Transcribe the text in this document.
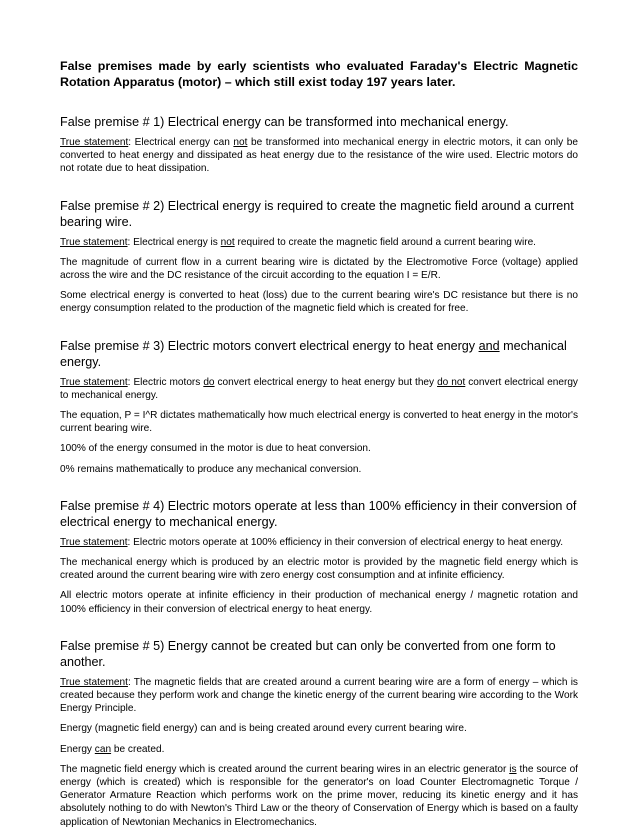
False premises made by early scientists who evaluated Faraday's Electric Magnetic Rotation Apparatus (motor) – which still exist today 197 years later.

False premise # 1) Electrical energy can be transformed into mechanical energy.

True statement: Electrical energy can not be transformed into mechanical energy in electric motors, it can only be converted to heat energy and dissipated as heat energy due to the resistance of the wire used. Electric motors do not rotate due to heat dissipation.

False premise # 2) Electrical energy is required to create the magnetic field around a current bearing wire.

True statement: Electrical energy is not required to create the magnetic field around a current bearing wire.

The magnitude of current flow in a current bearing wire is dictated by the Electromotive Force (voltage) applied across the wire and the DC resistance of the circuit according to the equation I = E/R.

Some electrical energy is converted to heat (loss) due to the current bearing wire's DC resistance but there is no energy consumption related to the production of the magnetic field which is created for free.

False premise # 3) Electric motors convert electrical energy to heat energy and mechanical energy.

True statement: Electric motors do convert electrical energy to heat energy but they do not convert electrical energy to mechanical energy.

The equation, P = I^R dictates mathematically how much electrical energy is converted to heat energy in the motor's current bearing wire.

100% of the energy consumed in the motor is due to heat conversion.

0% remains mathematically to produce any mechanical conversion.

False premise # 4) Electric motors operate at less than 100% efficiency in their conversion of electrical energy to mechanical energy.

True statement: Electric motors operate at 100% efficiency in their conversion of electrical energy to heat energy.

The mechanical energy which is produced by an electric motor is provided by the magnetic field energy which is created around the current bearing wire with zero energy cost consumption and at infinite efficiency.

All electric motors operate at infinite efficiency in their production of mechanical energy / magnetic rotation and 100% efficiency in their conversion of electrical energy to heat energy.

False premise # 5) Energy cannot be created but can only be converted from one form to another.

True statement: The magnetic fields that are created around a current bearing wire are a form of energy – which is created because they perform work and change the kinetic energy of the current bearing wire according to the Work Energy Principle.

Energy (magnetic field energy) can and is being created around every current bearing wire.

Energy can be created.

The magnetic field energy which is created around the current bearing wires in an electric generator is the source of energy (which is created) which is responsible for the generator's on load Counter Electromagnetic Torque / Generator Armature Reaction which performs work on the prime mover, reducing its kinetic energy and it has absolutely nothing to do with Newton's Third Law or the theory of Conservation of Energy which is based on a faulty application of Newtonian Mechanics in Electromechanics.
